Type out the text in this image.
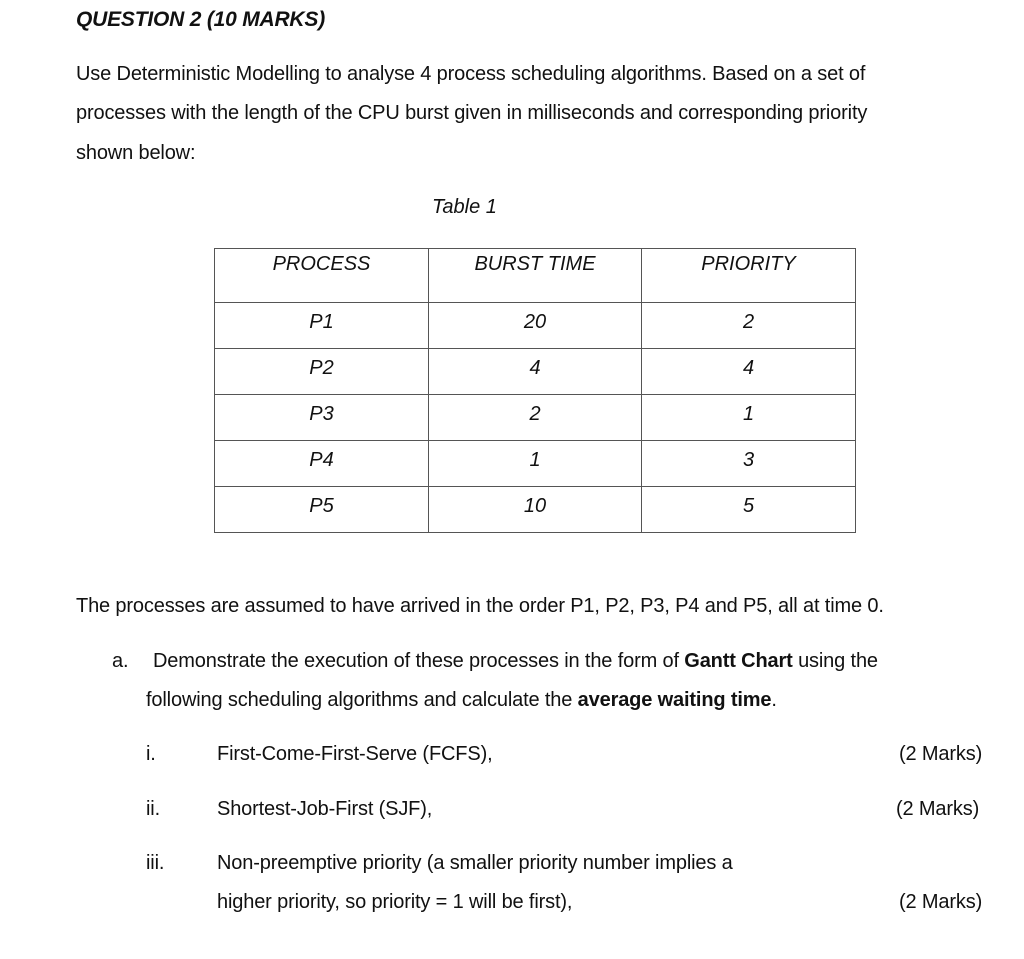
QUESTION 2 (10 MARKS)
Use Deterministic Modelling to analyse 4 process scheduling algorithms. Based on a set of
processes with the length of the CPU burst given in milliseconds and corresponding priority
shown below:
Table 1
PROCESS	BURST TIME	PRIORITY
P1	20	2
P2	4	4
P3	2	1
P4	1	3
P5	10	5
The processes are assumed to have arrived in the order P1, P2, P3, P4 and P5, all at time 0.
a. Demonstrate the execution of these processes in the form of Gantt Chart using the
following scheduling algorithms and calculate the average waiting time.
i.	First-Come-First-Serve (FCFS),	(2 Marks)
ii.	Shortest-Job-First (SJF),	(2 Marks)
iii.	Non-preemptive priority (a smaller priority number implies a
higher priority, so priority = 1 will be first),	(2 Marks)
